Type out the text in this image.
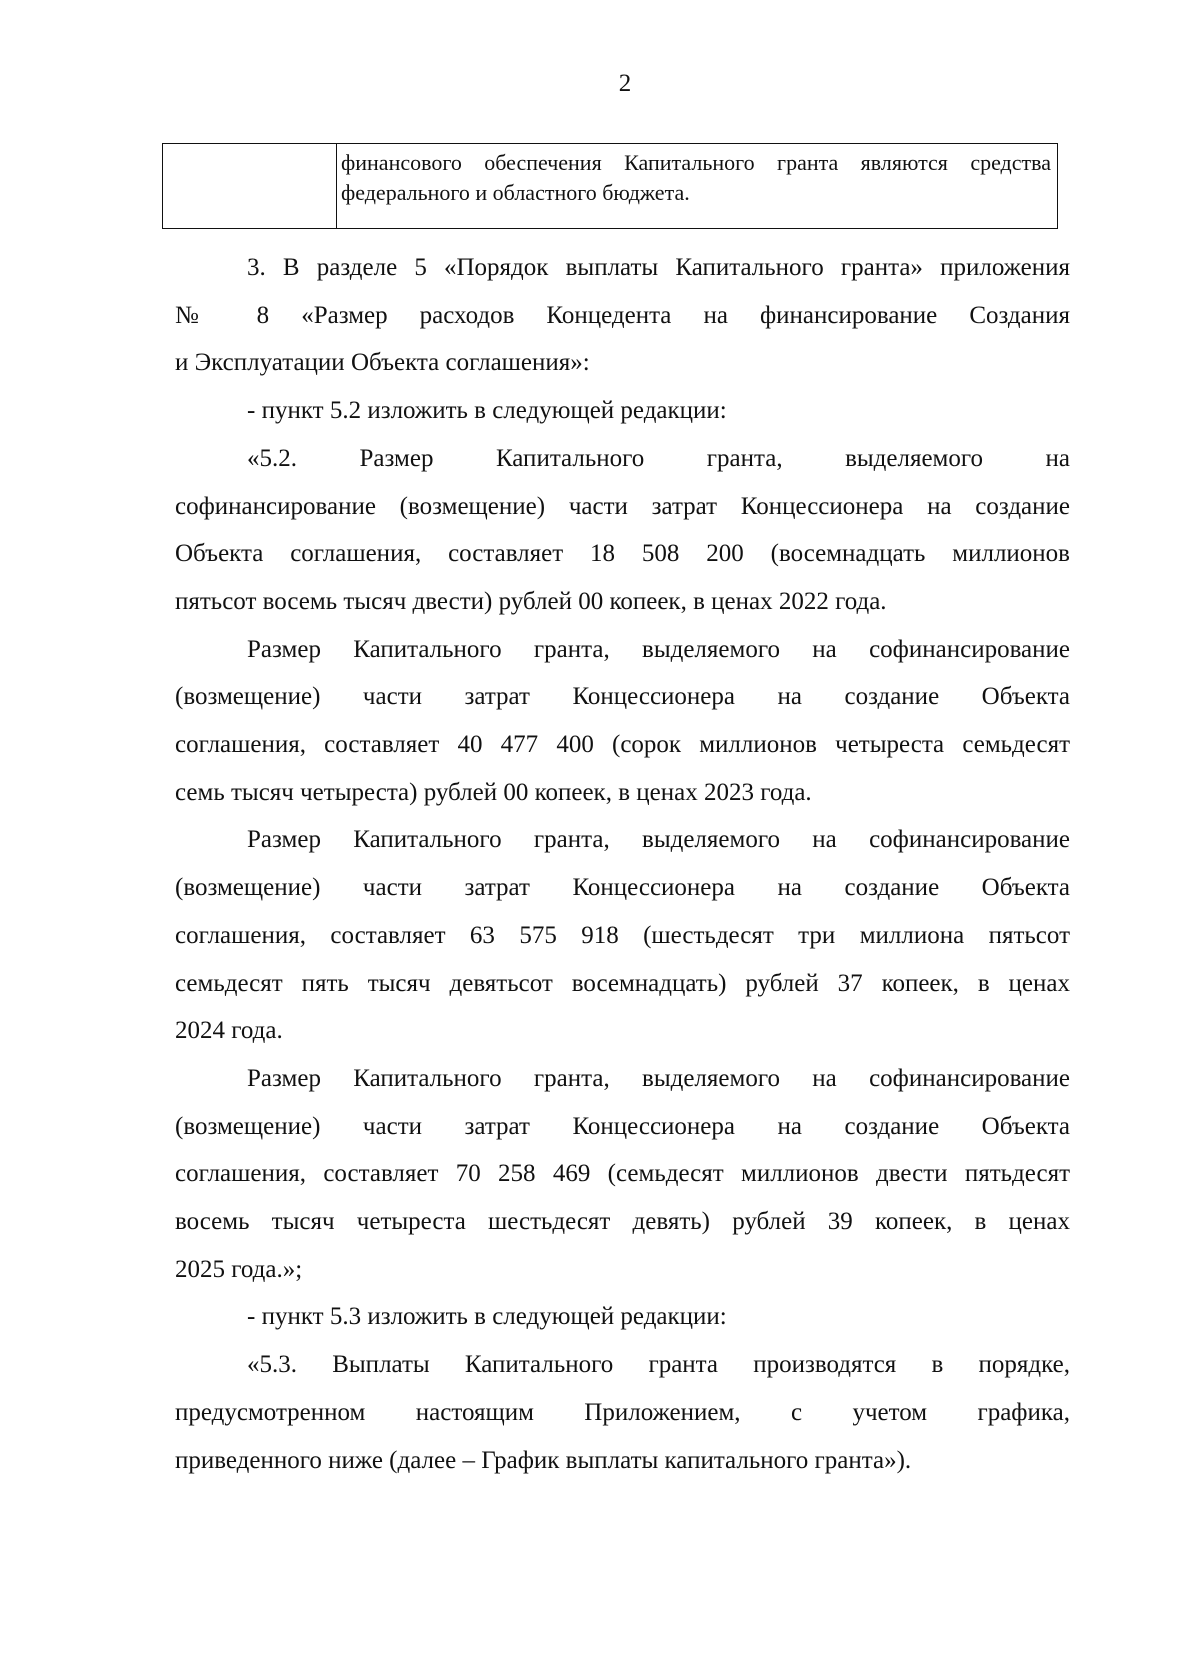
2
финансового обеспечения Капитального гранта являются средства
федерального и областного бюджета.
3. В разделе 5 «Порядок выплаты Капитального гранта» приложения
№ 8 «Размер расходов Концедента на финансирование Создания
и Эксплуатации Объекта соглашения»:
- пункт 5.2 изложить в следующей редакции:
«5.2. Размер Капитального гранта, выделяемого на
софинансирование (возмещение) части затрат Концессионера на создание
Объекта соглашения, составляет 18 508 200 (восемнадцать миллионов
пятьсот восемь тысяч двести) рублей 00 копеек, в ценах 2022 года.
Размер Капитального гранта, выделяемого на софинансирование
(возмещение) части затрат Концессионера на создание Объекта
соглашения, составляет 40 477 400 (сорок миллионов четыреста семьдесят
семь тысяч четыреста) рублей 00 копеек, в ценах 2023 года.
Размер Капитального гранта, выделяемого на софинансирование
(возмещение) части затрат Концессионера на создание Объекта
соглашения, составляет 63 575 918 (шестьдесят три миллиона пятьсот
семьдесят пять тысяч девятьсот восемнадцать) рублей 37 копеек, в ценах
2024 года.
Размер Капитального гранта, выделяемого на софинансирование
(возмещение) части затрат Концессионера на создание Объекта
соглашения, составляет 70 258 469 (семьдесят миллионов двести пятьдесят
восемь тысяч четыреста шестьдесят девять) рублей 39 копеек, в ценах
2025 года.»;
- пункт 5.3 изложить в следующей редакции:
«5.3. Выплаты Капитального гранта производятся в порядке,
предусмотренном настоящим Приложением, с учетом графика,
приведенного ниже (далее – График выплаты капитального гранта»).
